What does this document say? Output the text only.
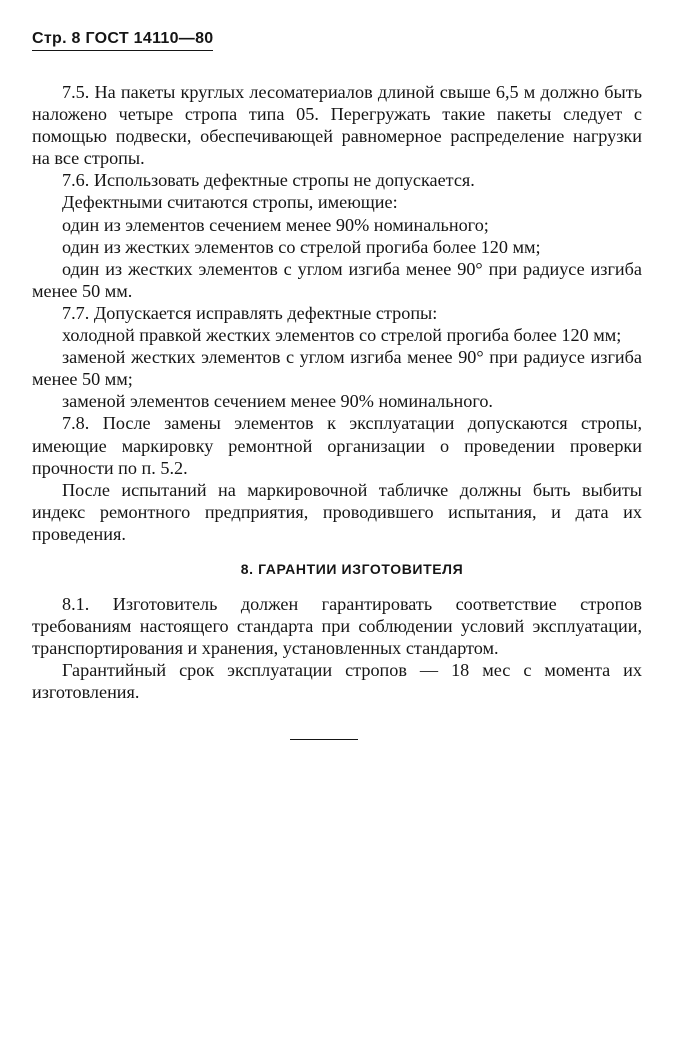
Стр. 8 ГОСТ 14110—80

7.5. На пакеты круглых лесоматериалов длиной свыше 6,5 м должно быть наложено четыре стропа типа 05. Перегружать такие пакеты следует с помощью подвески, обеспечивающей равномерное распределение нагрузки на все стропы.

7.6. Использовать дефектные стропы не допускается.

Дефектными считаются стропы, имеющие:

один из элементов сечением менее 90% номинального;

один из жестких элементов со стрелой прогиба более 120 мм;

один из жестких элементов с углом изгиба менее 90° при радиусе изгиба менее 50 мм.

7.7. Допускается исправлять дефектные стропы:

холодной правкой жестких элементов со стрелой прогиба более 120 мм;

заменой жестких элементов с углом изгиба менее 90° при радиусе изгиба менее 50 мм;

заменой элементов сечением менее 90% номинального.

7.8. После замены элементов к эксплуатации допускаются стропы, имеющие маркировку ремонтной организации о проведении проверки прочности по п. 5.2.

После испытаний на маркировочной табличке должны быть выбиты индекс ремонтного предприятия, проводившего испытания, и дата их проведения.

8. ГАРАНТИИ ИЗГОТОВИТЕЛЯ

8.1. Изготовитель должен гарантировать соответствие стропов требованиям настоящего стандарта при соблюдении условий эксплуатации, транспортирования и хранения, установленных стандартом.

Гарантийный срок эксплуатации стропов — 18 мес с момента их изготовления.
